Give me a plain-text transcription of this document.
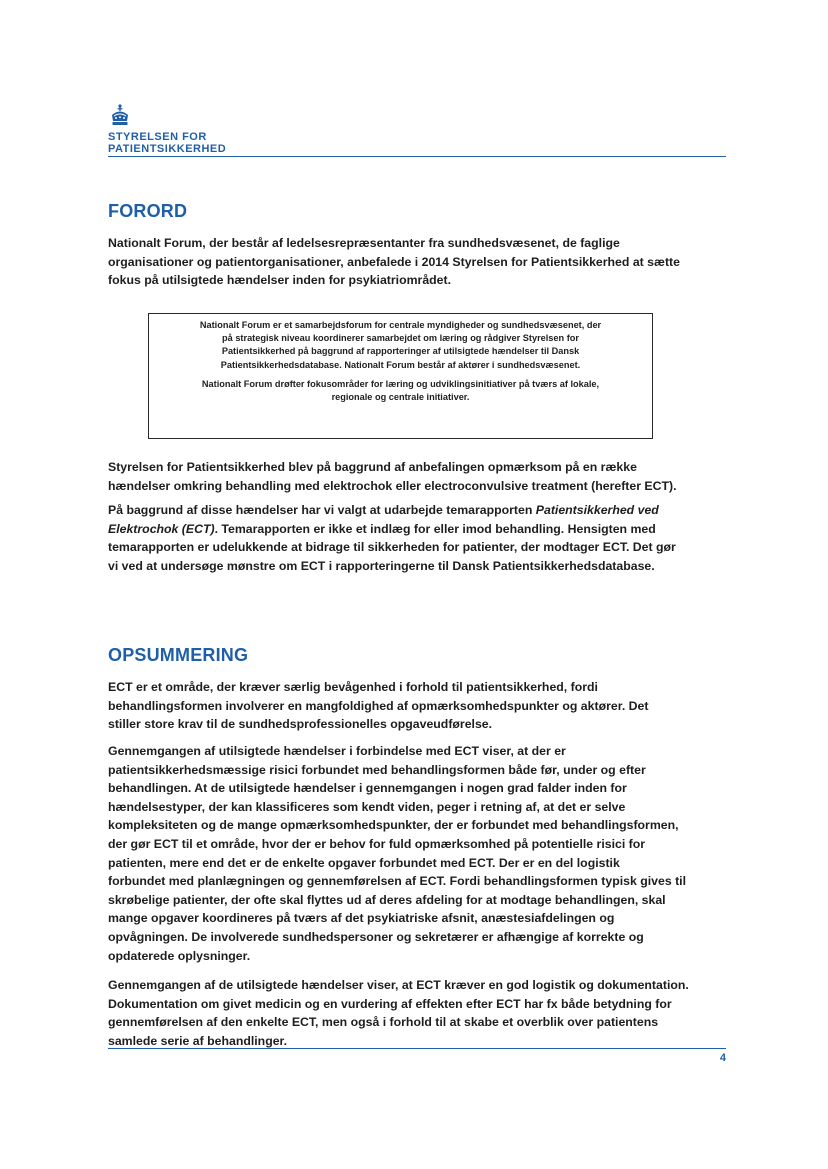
STYRELSEN FOR
PATIENTSIKKERHED
FORORD
Nationalt Forum, der består af ledelsesrepræsentanter fra sundhedsvæsenet, de faglige
organisationer og patientorganisationer, anbefalede i 2014 Styrelsen for Patientsikkerhed at sætte
fokus på utilsigtede hændelser inden for psykiatriområdet.

Nationalt Forum er et samarbejdsforum for centrale myndigheder og sundhedsvæsenet, der
på strategisk niveau koordinerer samarbejdet om læring og rådgiver Styrelsen for
Patientsikkerhed på baggrund af rapporteringer af utilsigtede hændelser til Dansk
Patientsikkerhedsdatabase. Nationalt Forum består af aktører i sundhedsvæsenet.

Nationalt Forum drøfter fokusområder for læring og udviklingsinitiativer på tværs af lokale,
regionale og centrale initiativer.

Styrelsen for Patientsikkerhed blev på baggrund af anbefalingen opmærksom på en række
hændelser omkring behandling med elektrochok eller electroconvulsive treatment (herefter ECT).
På baggrund af disse hændelser har vi valgt at udarbejde temarapporten Patientsikkerhed ved
Elektrochok (ECT). Temarapporten er ikke et indlæg for eller imod behandling. Hensigten med
temarapporten er udelukkende at bidrage til sikkerheden for patienter, der modtager ECT. Det gør
vi ved at undersøge mønstre om ECT i rapporteringerne til Dansk Patientsikkerhedsdatabase.
OPSUMMERING
ECT er et område, der kræver særlig bevågenhed i forhold til patientsikkerhed, fordi
behandlingsformen involverer en mangfoldighed af opmærksomhedspunkter og aktører. Det
stiller store krav til de sundhedsprofessionelles opgaveudførelse.
Gennemgangen af utilsigtede hændelser i forbindelse med ECT viser, at der er
patientsikkerhedsmæssige risici forbundet med behandlingsformen både før, under og efter
behandlingen. At de utilsigtede hændelser i gennemgangen i nogen grad falder inden for
hændelsestyper, der kan klassificeres som kendt viden, peger i retning af, at det er selve
kompleksiteten og de mange opmærksomhedspunkter, der er forbundet med behandlingsformen,
der gør ECT til et område, hvor der er behov for fuld opmærksomhed på potentielle risici for
patienten, mere end det er de enkelte opgaver forbundet med ECT. Der er en del logistik
forbundet med planlægningen og gennemførelsen af ECT. Fordi behandlingsformen typisk gives til
skrøbelige patienter, der ofte skal flyttes ud af deres afdeling for at modtage behandlingen, skal
mange opgaver koordineres på tværs af det psykiatriske afsnit, anæstesiafdelingen og
opvågningen. De involverede sundhedspersoner og sekretærer er afhængige af korrekte og
opdaterede oplysninger.
Gennemgangen af de utilsigtede hændelser viser, at ECT kræver en god logistik og dokumentation.
Dokumentation om givet medicin og en vurdering af effekten efter ECT har fx både betydning for
gennemførelsen af den enkelte ECT, men også i forhold til at skabe et overblik over patientens
samlede serie af behandlinger.
4
